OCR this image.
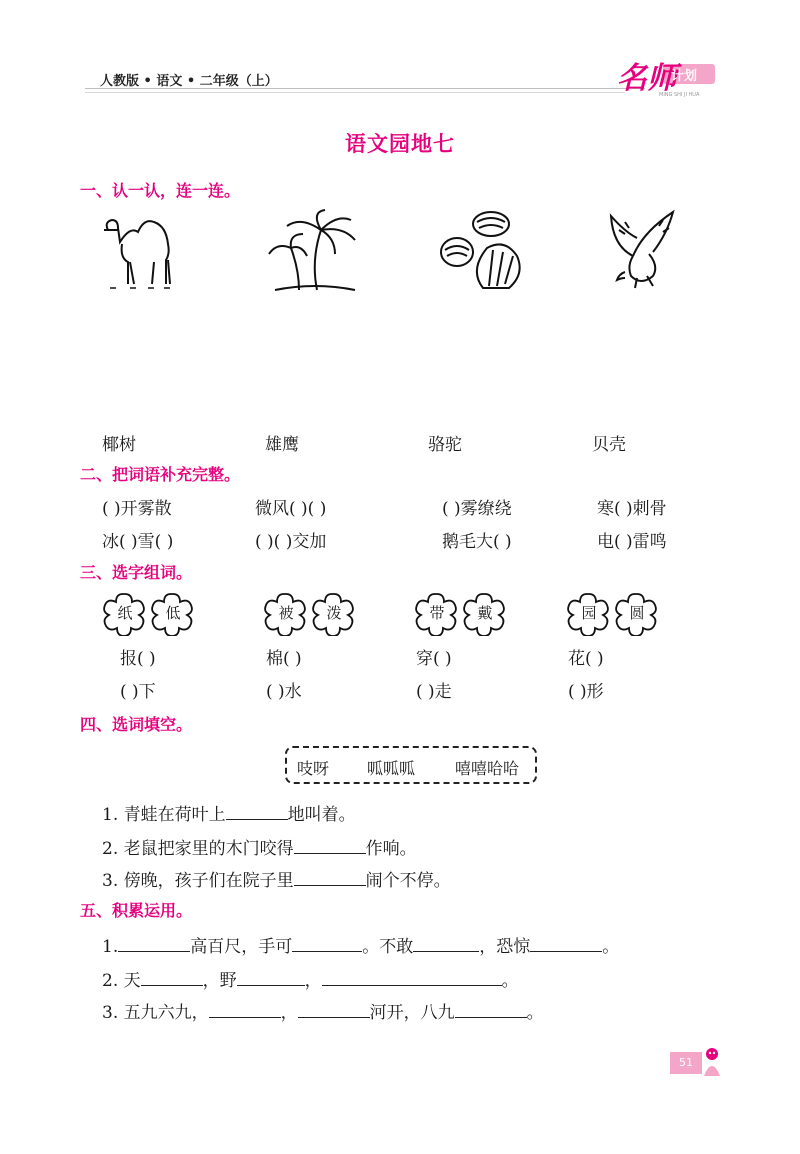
人教版 • 语文 • 二年级（上）	名师
计划
MING SHI JI HUA
语文园地七
一、认一认，连一连。
椰树	雄鹰	骆驼	贝壳
二、把词语补充完整。
( )开雾散	微风( )( )	( )雾缭绕	寒( )刺骨
冰( )雪( )	( )( )交加	鹅毛大( )	电( )雷鸣
三、选字组词。
纸	低	被	泼	带	戴	园	圆
报( )	棉( )	穿( )	花( )
( )下	( )水	( )走	( )形
四、选词填空。
吱呀 呱呱呱 嘻嘻哈哈
1. 青蛙在荷叶上	地叫着。
2. 老鼠把家里的木门咬得	作响。
3. 傍晚，孩子们在院子里	闹个不停。
五、积累运用。
1.	高百尺，手可	。不敢	，恐惊	。
2. 天	，野	，	。
3. 五九六九，	，	河开，八九	。
51
